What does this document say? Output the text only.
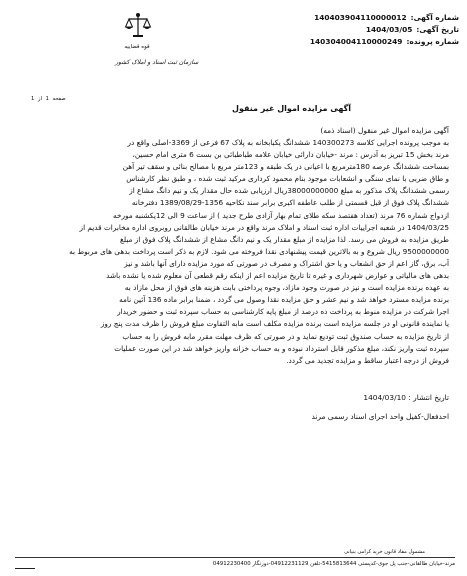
شماره آگهی:
140403904110000012
تاریخ آگهی:
1404/03/05
شماره پرونده:
140304004110000249
قوه قضاییه
سازمان ثبت اسناد و املاک کشور
صفحه 1 از 1
آگهی مزایده اموال غیر منقول

آگهی مزایده اموال غیر منقول (اسناد ذمه)

به موجب پرونده اجرایی کلاسه 140300273 ششدانگ یکبابخانه به پلاک 67 فرعی از 3369-اصلی واقع در
مرند بخش 15 تبریز به آدرس : مرند -خیابان دارائی خیابان علامه طباطبائی بن بست 6 متری امام حسین،
بمساحت ششدانگ عرصه 180مترمربع با اعیانی در یک طبقه و 123متر مربع با مصالح بنائی و سقف تیر آهن
و طاق ضربی با نمای سنگی و انشعابات موجود بنام محمود کرداری مرکید ثبت شده ، و طبق نظر کارشناس
رسمی ششدانگ پلاک مذکور به مبلغ 38000000000ریال ارزیابی شده حال مقدار یک و نیم دانگ مشاع از
ششدانگ پلاک فوق از قبل قسمتی از طلب عاطفه اکبری برابر سند نکاحیه 1356-1389/08/29 دفترخانه
ازدواج شماره 76 مرند (تعداد هفتصد سکه طلای تمام بهار آزادی طرح جدید ) از ساعت 9 الی 12یکشنبه مورخه
1404/03/25 در شعبه اجراییات اداره ثبت اسناد و املاک مرند واقع در مرند خیابان طالقانی روبروی اداره مخابرات قدیم از
طریق مزایده به فروش می رسد. لذا مزایده از مبلغ مقدار یک و نیم دانگ مشاع از ششدانگ پلاک فوق از مبلغ
9500000000 ریال شروع و به بالاترین قیمت پیشنهادی نقدا فروخته می شود. لازم به ذکر است پرداخت بدهی های مربوط به
آب، برق، گاز اعم از حق انشعاب و یا حق اشتراک و مصرف در صورتی که مورد مزایده دارای آنها باشد و نیز
بدهی های مالیاتی و عوارض شهرداری و غیره تا تاریخ مزایده اعم از اینکه رقم قطعی آن معلوم شده یا نشده باشد
به عهده برنده مزایده است و نیز در صورت وجود مازاد، وجوه پرداختی بابت هزینه های فوق از محل مازاد به
برنده مزایده مسترد خواهد شد و نیم عشر و حق مزایده نقدا وصول می گردد ، ضمنا برابر ماده 136 آئین نامه
اجرا شرکت در مزایده منوط به پرداخت ده درصد از مبلغ پایه کارشناسی به حساب سپرده ثبت و حضور خریدار
یا نماینده قانونی او در جلسه مزایده است برنده مزایده مکلف است مابه التفاوت مبلغ فروش را ظرف مدت پنج روز
از تاریخ مزایده به حساب صندوق ثبت تودیع نماید و در صورتی که ظرف مهلت مقرر مابه فروش را به حساب
سپرده ثبت واریز نکند، مبلغ مذکور قابل استرداد نبوده و به حساب خزانه واریز خواهد شد در این صورت عملیات
فروش از درجه اعتبار ساقط و مزایده تجدید می گردد.
تاریخ انتشار : 1404/03/10
احدفعال-کفیل واحد اجرای اسناد رسمی مرند
مشمول مفاد قانون خرید کرامی بنیانی
مرند-خیابان طالقانی-جنب پل جوی-کدپستی 5415813644-تلفن 04912231129-دورنگار 04912230400
